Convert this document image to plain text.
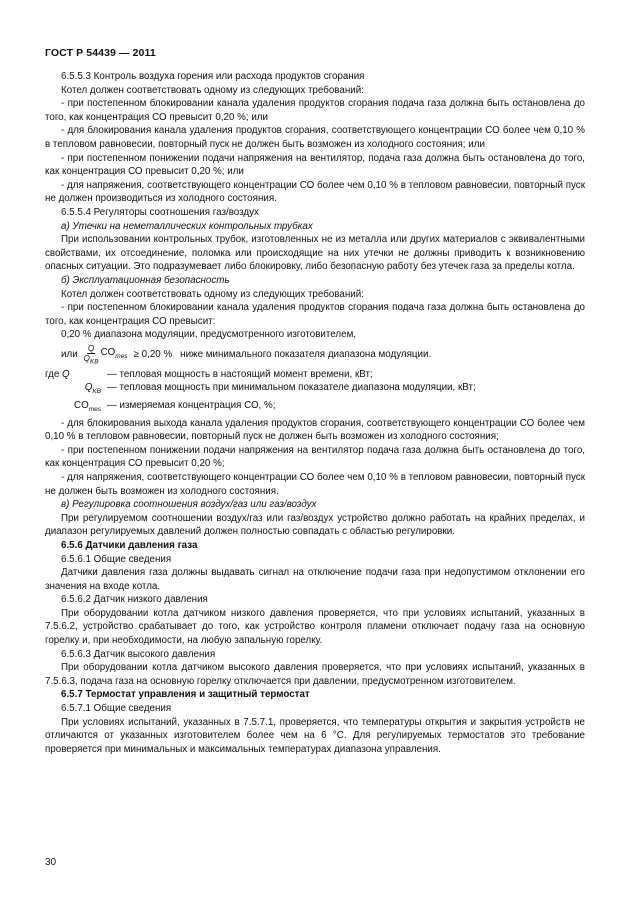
ГОСТ Р 54439 — 2011

6.5.5.3 Контроль воздуха горения или расхода продуктов сгорания

Котел должен соответствовать одному из следующих требований:

- при постепенном блокировании канала удаления продуктов сгорания подача газа должна быть остановлена до того, как концентрация СО превысит 0,20 %; или

- для блокирования канала удаления продуктов сгорания, соответствующего концентрации СО более чем 0,10 % в тепловом равновесии, повторный пуск не должен быть возможен из холодного состояния; или

- при постепенном понижении подачи напряжения на вентилятор, подача газа должна быть остановлена до того, как концентрация СО превысит 0,20 %; или

- для напряжения, соответствующего концентрации СО более чем 0,10 % в тепловом равновесии, повторный пуск не должен производиться из холодного состояния.

6.5.5.4 Регуляторы соотношения газ/воздух

а) Утечки на неметаллических контрольных трубках

При использовании контрольных трубок, изготовленных не из металла или других материалов с эквивалентными свойствами, их отсоединение, поломка или происходящие на них утечки не должны приводить к возникновению опасных ситуации. Это подразумевает либо блокировку, либо безопасную работу без утечек газа за пределы котла.

б) Эксплуатационная безопасность

Котел должен соответствовать одному из следующих требований:

- при постепенном блокировании канала удаления продуктов сгорания подача газа должна быть остановлена до того, как концентрация СО превысит:

0,20 % диапазона модуляции, предусмотренного изготовителем,

или $\frac{Q}{Q_{KB}} CO_{mes} \ge 0,20$ % ниже минимального показателя диапазона модуляции.
где Q	— тепловая мощность в настоящий момент времени, кВт;
$Q_{KB}$ — тепловая мощность при минимальном показателе диапазона модуляции, кВт;
$CO_{mes}$ — измеряемая концентрация СО, %;

- для блокирования выхода канала удаления продуктов сгорания, соответствующего концентрации СО более чем 0,10 % в тепловом равновесии, повторный пуск не должен быть возможен из холодного состояния;

- при постепенном понижении подачи напряжения на вентилятор подача газа должна быть остановлена до того, как концентрация СО превысит 0,20 %;

- для напряжения, соответствующего концентрации СО более чем 0,10 % в тепловом равновесии, повторный пуск не должен быть возможен из холодного состояния.

в) Регулировка соотношения воздух/газ или газ/воздух

При регулируемом соотношении воздух/газ или газ/воздух устройство должно работать на крайних пределах, и диапазон регулируемых давлений должен полностью совпадать с областью регулировки.

6.5.6 Датчики давления газа

6.5.6.1 Общие сведения

Датчики давления газа должны выдавать сигнал на отключение подачи газа при недопустимом отклонении его значения на входе котла.

6.5.6.2 Датчик низкого давления

При оборудовании котла датчиком низкого давления проверяется, что при условиях испытаний, указанных в 7.5.6.2, устройство срабатывает до того, как устройство контроля пламени отключает подачу газа на основную горелку и, при необходимости, на любую запальную горелку.

6.5.6.3 Датчик высокого давления

При оборудовании котла датчиком высокого давления проверяется, что при условиях испытаний, указанных в 7.5.6.3, подача газа на основную горелку отключается при давлении, предусмотренном изготовителем.

6.5.7 Термостат управления и защитный термостат

6.5.7.1 Общие сведения

При условиях испытаний, указанных в 7.5.7.1, проверяется, что температуры открытия и закрытия устройств не отличаются от указанных изготовителем более чем на 6 °С. Для регулируемых термостатов это требование проверяется при минимальных и максимальных температурах диапазона управления.

30
